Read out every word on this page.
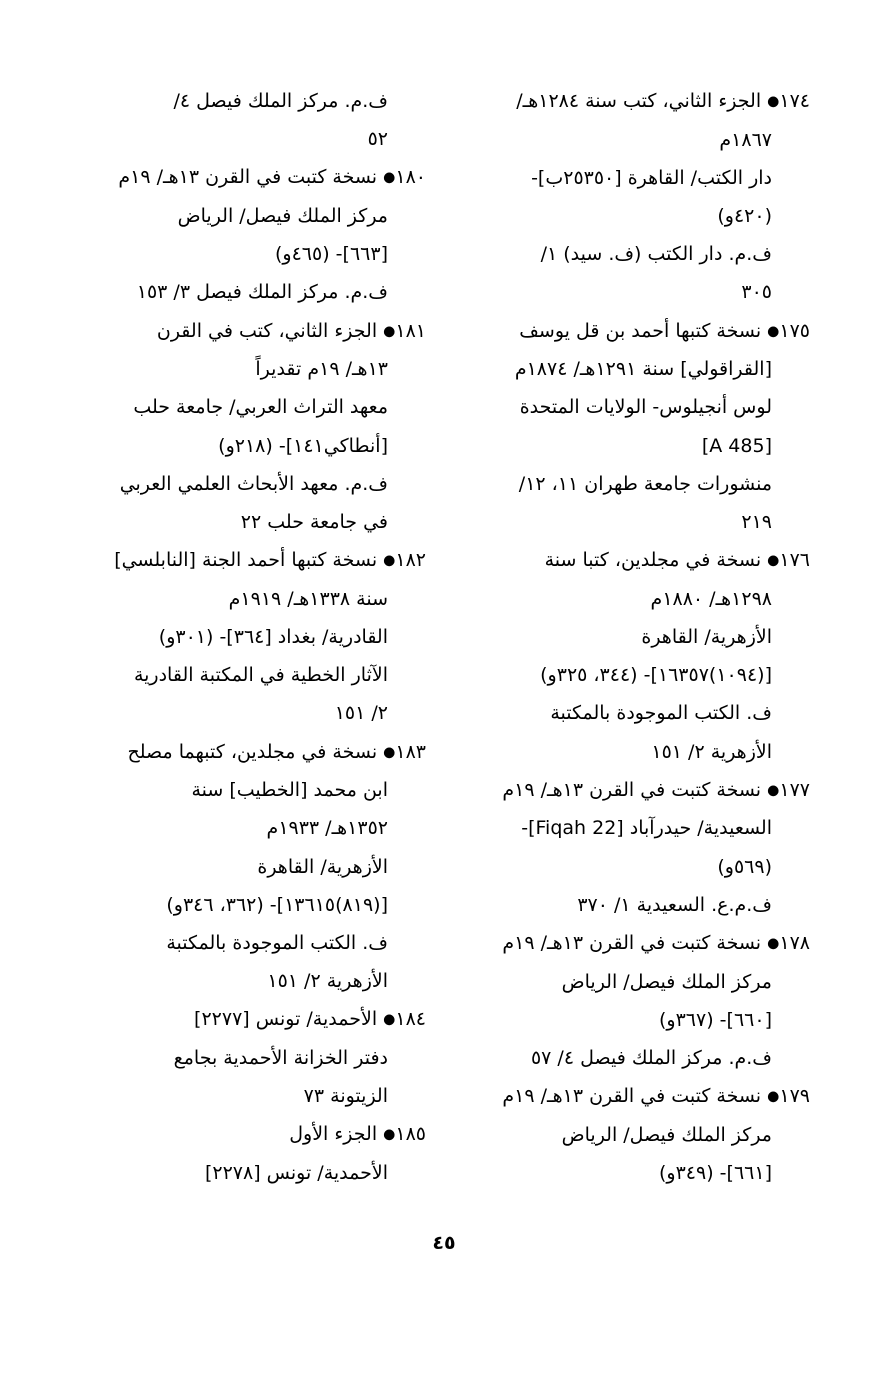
١٧٤● الجزء الثاني، كتب سنة ١٢٨٤هـ/
١٨٦٧م
دار الكتب/ القاهرة [٢٥٣٥٠ب]-
(٤٢٠و)
ف.م. دار الكتب (ف. سيد) ١/
٣٠٥
١٧٥● نسخة كتبها أحمد بن قل يوسف
[القراقولي] سنة ١٢٩١هـ/ ١٨٧٤م
لوس أنجيلوس- الولايات المتحدة
[A 485]
منشورات جامعة طهران ١١، ١٢/
٢١٩
١٧٦● نسخة في مجلدين، كتبا سنة
١٢٩٨هـ/ ١٨٨٠م
الأزهرية/ القاهرة
[(١٠٩٤)١٦٣٥٧]- (٣٤٤، ٣٢٥و)
ف. الكتب الموجودة بالمكتبة
الأزهرية ٢/ ١٥١
١٧٧● نسخة كتبت في القرن ١٣هـ/ ١٩م
السعيدية/ حيدرآباد [Fiqah 22]-
(٥٦٩و)
ف.م.ع. السعيدية ١/ ٣٧٠
١٧٨● نسخة كتبت في القرن ١٣هـ/ ١٩م
مركز الملك فيصل/ الرياض
[٦٦٠]- (٣٦٧و)
ف.م. مركز الملك فيصل ٤/ ٥٧
١٧٩● نسخة كتبت في القرن ١٣هـ/ ١٩م
مركز الملك فيصل/ الرياض
[٦٦١]- (٣٤٩و)
ف.م. مركز الملك فيصل ٤/
٥٢
١٨٠● نسخة كتبت في القرن ١٣هـ/ ١٩م
مركز الملك فيصل/ الرياض
[٦٦٣]- (٤٦٥و)
ف.م. مركز الملك فيصل ٣/ ١٥٣
١٨١● الجزء الثاني، كتب في القرن
١٣هـ/ ١٩م تقديراً
معهد التراث العربي/ جامعة حلب
[أنطاكي١٤١]- (٢١٨و)
ف.م. معهد الأبحاث العلمي العربي
في جامعة حلب ٢٢
١٨٢● نسخة كتبها أحمد الجنة [النابلسي]
سنة ١٣٣٨هـ/ ١٩١٩م
القادرية/ بغداد [٣٦٤]- (٣٠١و)
الآثار الخطية في المكتبة القادرية
٢/ ١٥١
١٨٣● نسخة في مجلدين، كتبهما مصلح
ابن محمد [الخطيب] سنة
١٣٥٢هـ/ ١٩٣٣م
الأزهرية/ القاهرة
[(٨١٩)١٣٦١٥]- (٣٦٢، ٣٤٦و)
ف. الكتب الموجودة بالمكتبة
الأزهرية ٢/ ١٥١
١٨٤● الأحمدية/ تونس [٢٢٧٧]
دفتر الخزانة الأحمدية بجامع
الزيتونة ٧٣
١٨٥● الجزء الأول
الأحمدية/ تونس [٢٢٧٨]
٤٥
